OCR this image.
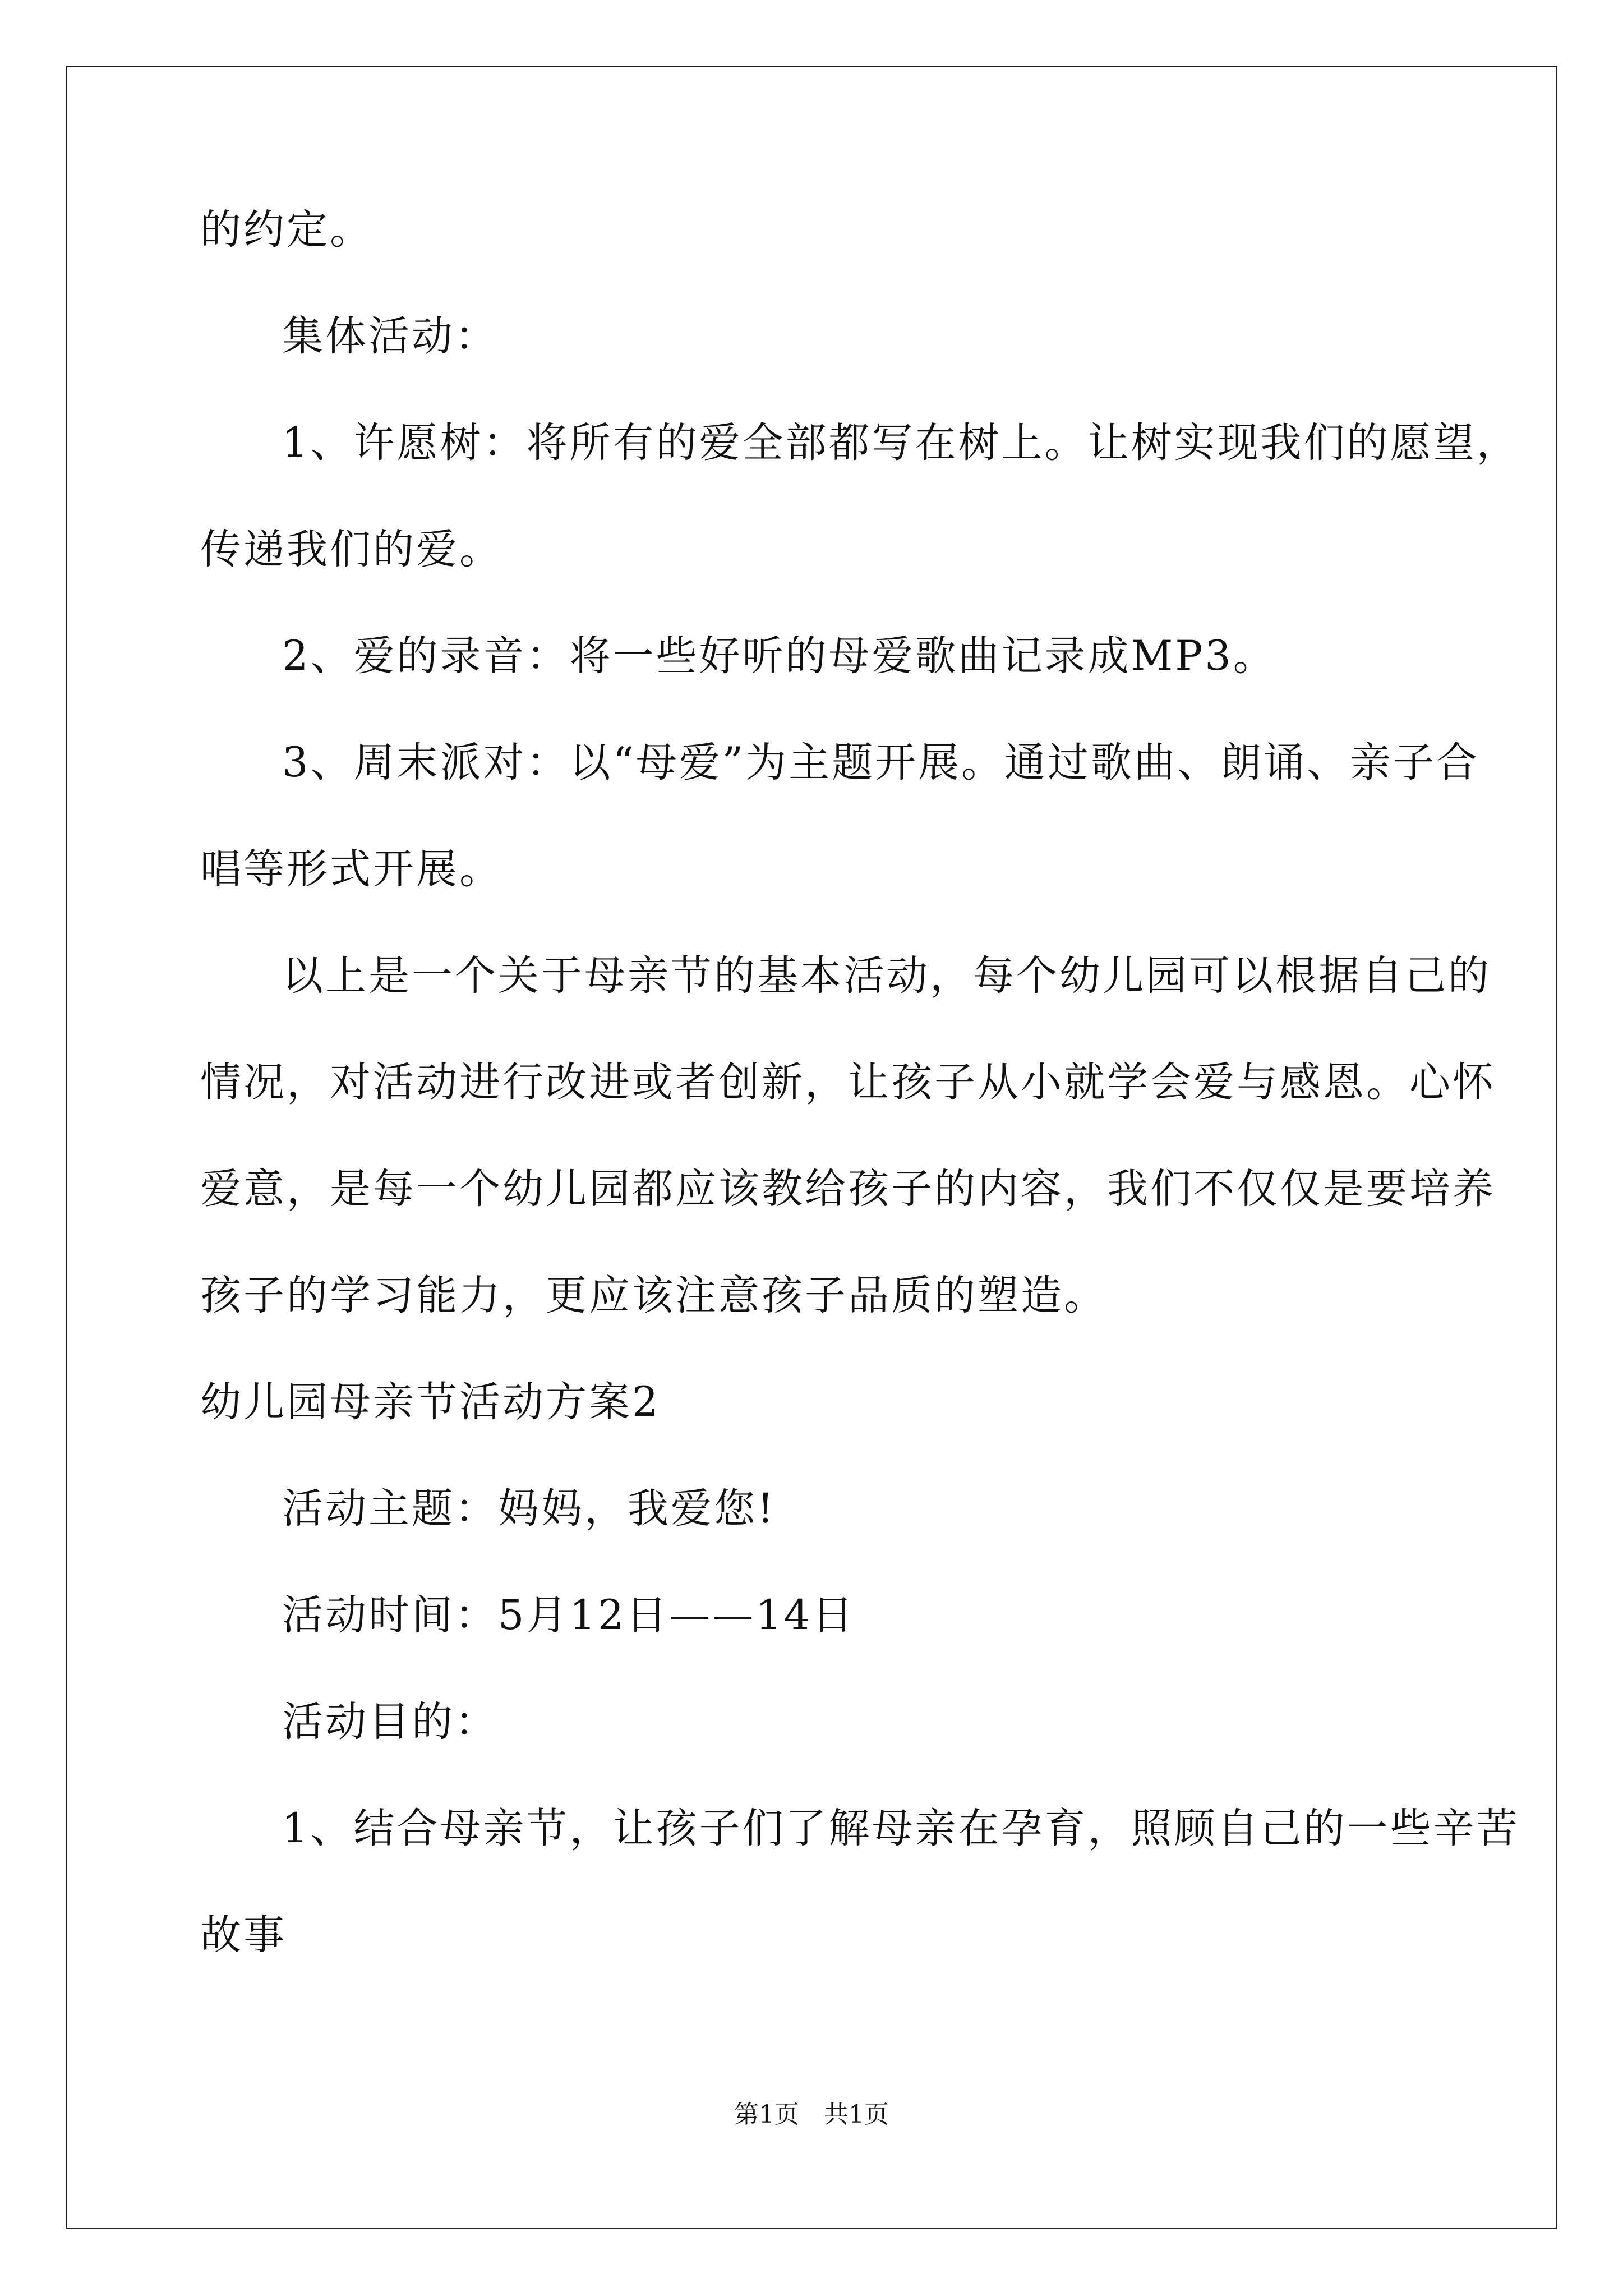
的约定。
集体活动：
1、许愿树：将所有的爱全部都写在树上。让树实现我们的愿望，
传递我们的爱。
2、爱的录音：将一些好听的母爱歌曲记录成MP3。
3、周末派对：以“母爱”为主题开展。通过歌曲、朗诵、亲子合
唱等形式开展。
以上是一个关于母亲节的基本活动，每个幼儿园可以根据自己的
情况，对活动进行改进或者创新，让孩子从小就学会爱与感恩。心怀
爱意，是每一个幼儿园都应该教给孩子的内容，我们不仅仅是要培养
孩子的学习能力，更应该注意孩子品质的塑造。
幼儿园母亲节活动方案2
活动主题：妈妈，我爱您!
活动时间：5月12日——14日
活动目的：
1、结合母亲节，让孩子们了解母亲在孕育，照顾自己的一些辛苦
故事
第1页 共1页
